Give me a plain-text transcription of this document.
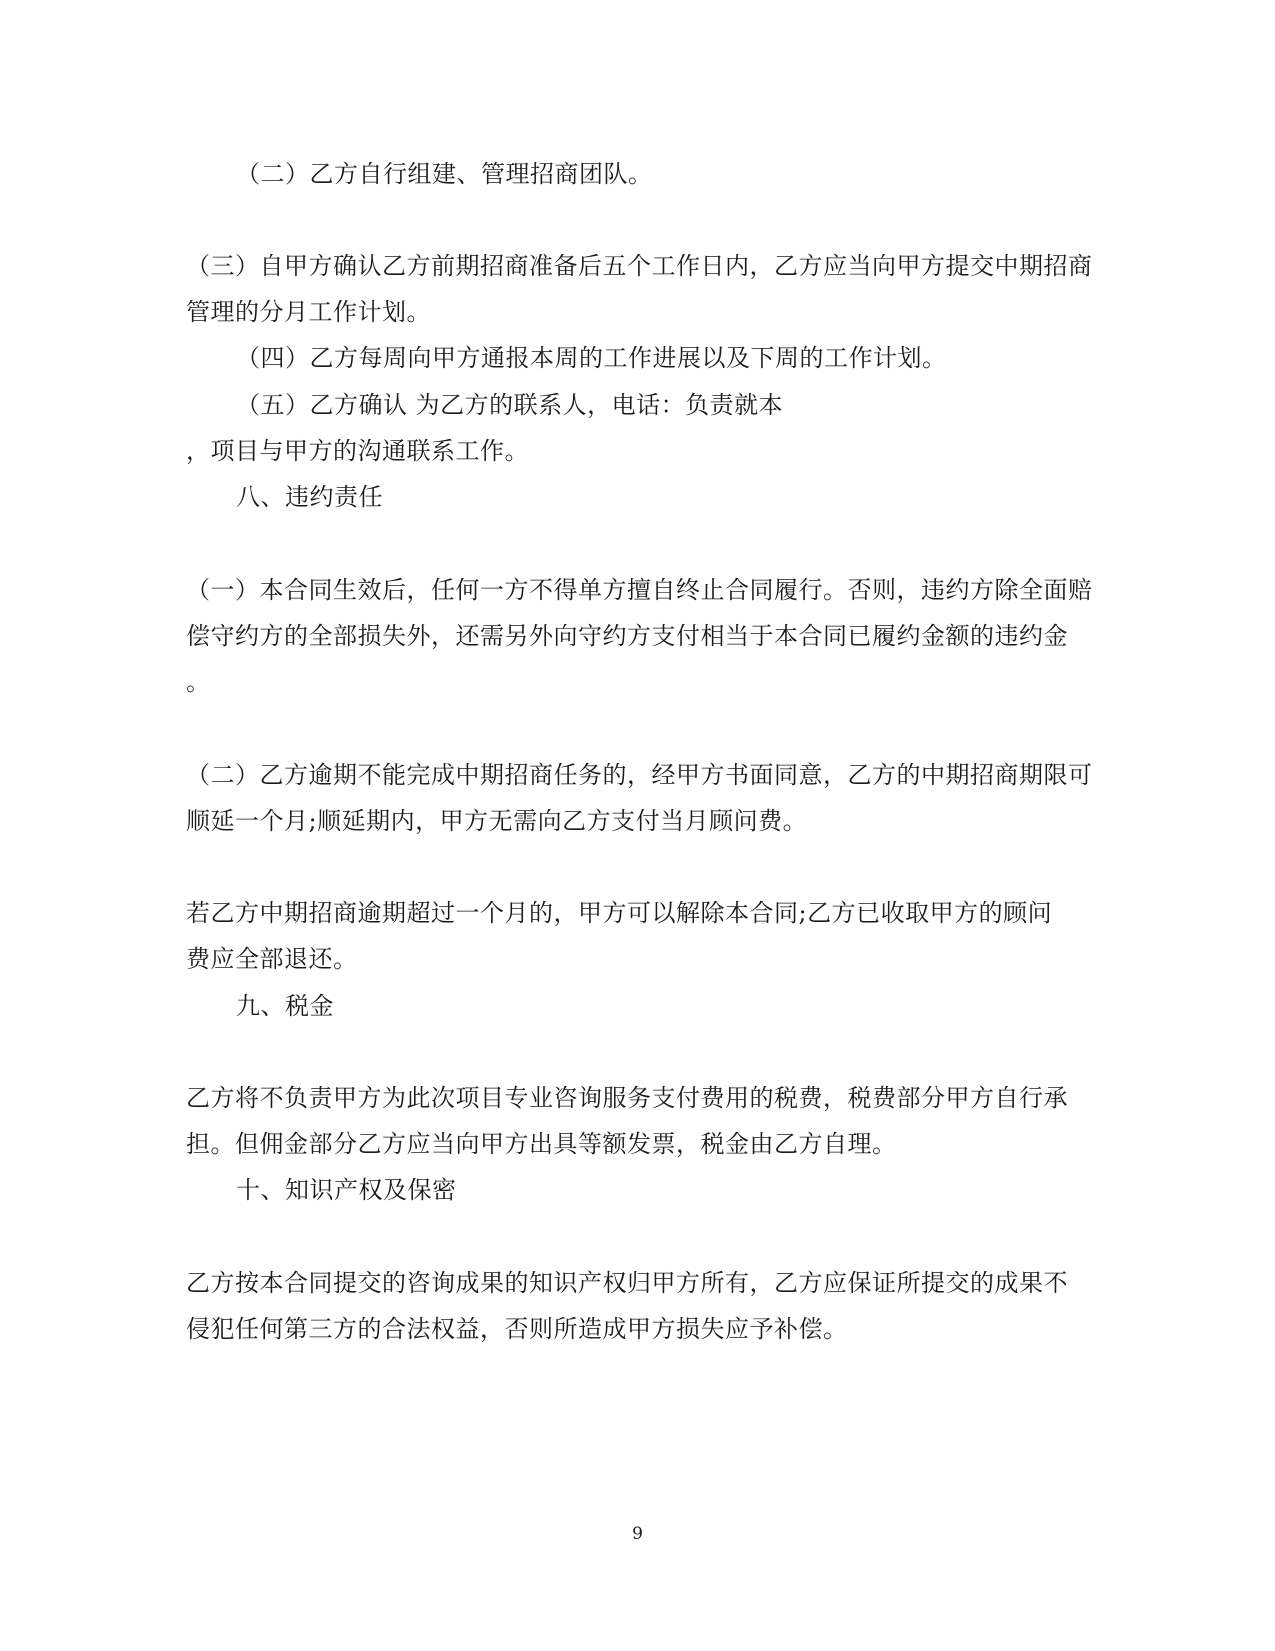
（二）乙方自行组建、管理招商团队。
（三）自甲方确认乙方前期招商准备后五个工作日内，乙方应当向甲方提交中期招商
管理的分月工作计划。
（四）乙方每周向甲方通报本周的工作进展以及下周的工作计划。
（五）乙方确认 为乙方的联系人，电话：负责就本
，项目与甲方的沟通联系工作。
八、违约责任
（一）本合同生效后，任何一方不得单方擅自终止合同履行。否则，违约方除全面赔
偿守约方的全部损失外，还需另外向守约方支付相当于本合同已履约金额的违约金
。
（二）乙方逾期不能完成中期招商任务的，经甲方书面同意，乙方的中期招商期限可
顺延一个月;顺延期内，甲方无需向乙方支付当月顾问费。
若乙方中期招商逾期超过一个月的，甲方可以解除本合同;乙方已收取甲方的顾问
费应全部退还。
九、税金
乙方将不负责甲方为此次项目专业咨询服务支付费用的税费，税费部分甲方自行承
担。但佣金部分乙方应当向甲方出具等额发票，税金由乙方自理。
十、知识产权及保密
乙方按本合同提交的咨询成果的知识产权归甲方所有，乙方应保证所提交的成果不
侵犯任何第三方的合法权益，否则所造成甲方损失应予补偿。
9
